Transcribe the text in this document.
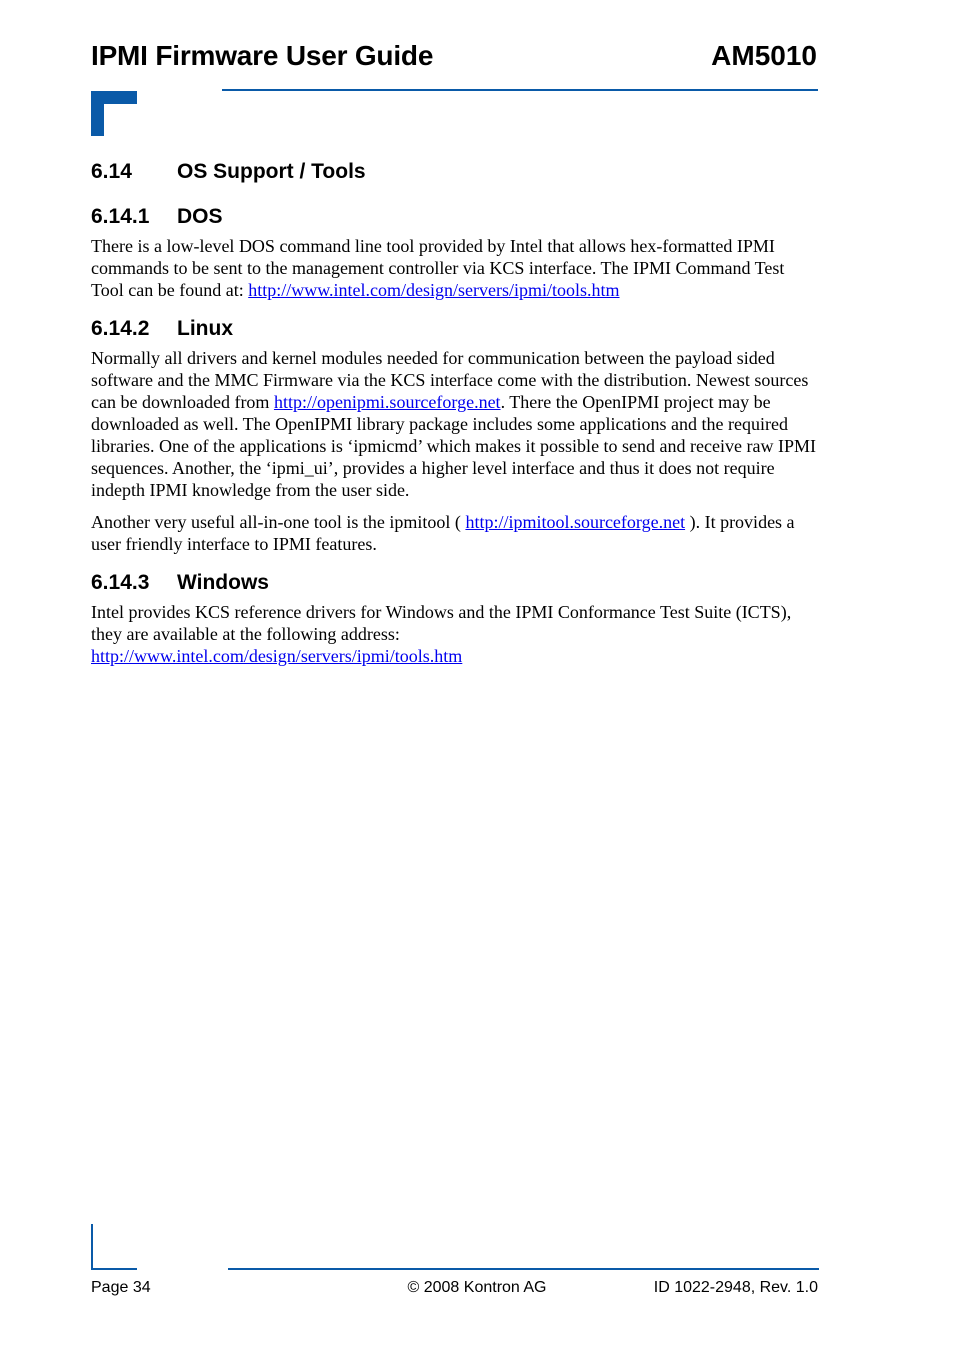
IPMI Firmware User Guide	AM5010
6.14 OS Support / Tools
6.14.1 DOS

There is a low-level DOS command line tool provided by Intel that allows hex-formatted IPMI commands to be sent to the management controller via KCS interface. The IPMI Command Test Tool can be found at: http://www.intel.com/design/servers/ipmi/tools.htm

6.14.2 Linux

Normally all drivers and kernel modules needed for communication between the payload sided software and the MMC Firmware via the KCS interface come with the distribution. Newest sources can be downloaded from http://openipmi.sourceforge.net. There the OpenIPMI project may be downloaded as well. The OpenIPMI library package includes some applications and the required libraries. One of the applications is ‘ipmicmd’ which makes it possible to send and receive raw IPMI sequences. Another, the ‘ipmi_ui’, provides a higher level interface and thus it does not require indepth IPMI knowledge from the user side.

Another very useful all-in-one tool is the ipmitool ( http://ipmitool.sourceforge.net ). It provides a user friendly interface to IPMI features.

6.14.3 Windows

Intel provides KCS reference drivers for Windows and the IPMI Conformance Test Suite (ICTS), they are available at the following address:
http://www.intel.com/design/servers/ipmi/tools.htm

Page 34	© 2008 Kontron AG	ID 1022-2948, Rev. 1.0
